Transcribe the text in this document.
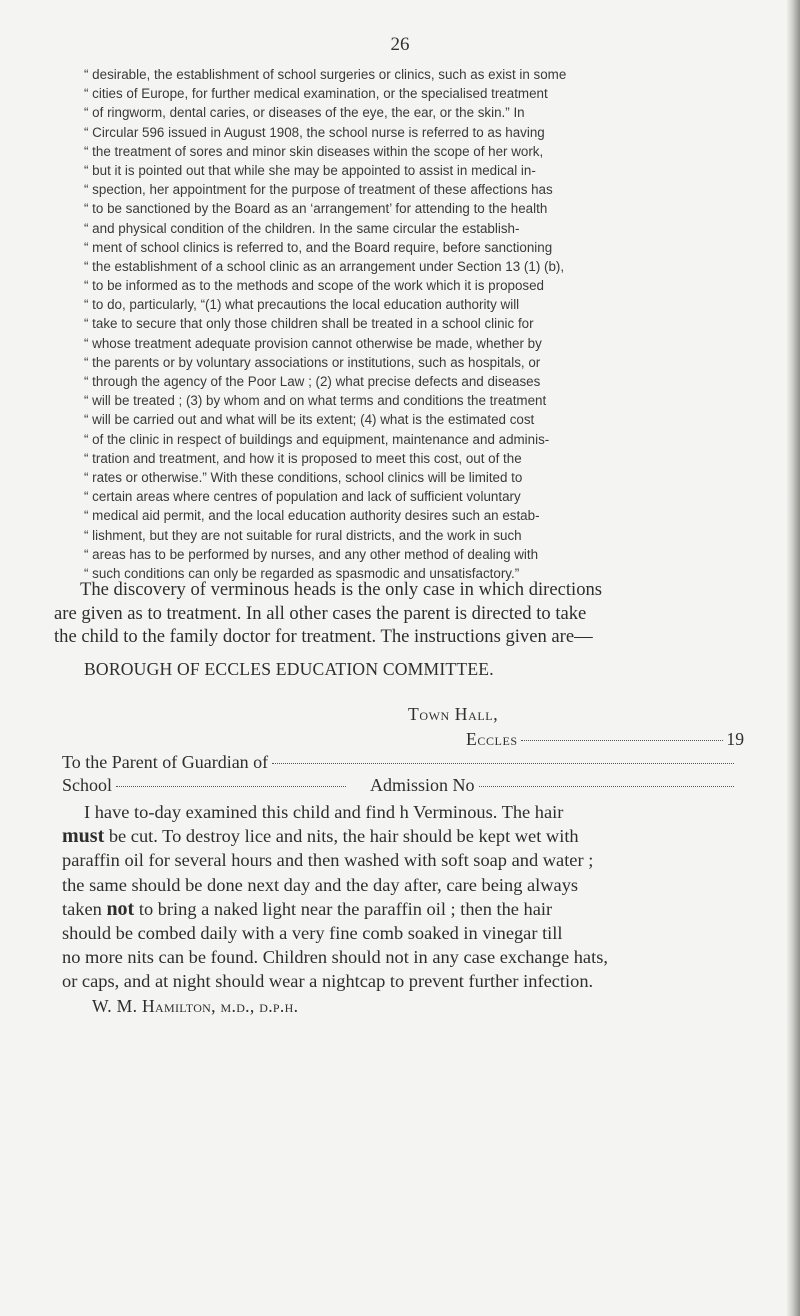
26
“ desirable, the establishment of school surgeries or clinics, such as exist in some
“ cities of Europe, for further medical examination, or the specialised treatment
“ of ringworm, dental caries, or diseases of the eye, the ear, or the skin.” In
“ Circular 596 issued in August 1908, the school nurse is referred to as having
“ the treatment of sores and minor skin diseases within the scope of her work,
“ but it is pointed out that while she may be appointed to assist in medical in-
“ spection, her appointment for the purpose of treatment of these affections has
“ to be sanctioned by the Board as an ‘arrangement’ for attending to the health
“ and physical condition of the children. In the same circular the establish-
“ ment of school clinics is referred to, and the Board require, before sanctioning
“ the establishment of a school clinic as an arrangement under Section 13 (1) (b),
“ to be informed as to the methods and scope of the work which it is proposed
“ to do, particularly, “(1) what precautions the local education authority will
“ take to secure that only those children shall be treated in a school clinic for
“ whose treatment adequate provision cannot otherwise be made, whether by
“ the parents or by voluntary associations or institutions, such as hospitals, or
“ through the agency of the Poor Law ; (2) what precise defects and diseases
“ will be treated ; (3) by whom and on what terms and conditions the treatment
“ will be carried out and what will be its extent; (4) what is the estimated cost
“ of the clinic in respect of buildings and equipment, maintenance and adminis-
“ tration and treatment, and how it is proposed to meet this cost, out of the
“ rates or otherwise.” With these conditions, school clinics will be limited to
“ certain areas where centres of population and lack of sufficient voluntary
“ medical aid permit, and the local education authority desires such an estab-
“ lishment, but they are not suitable for rural districts, and the work in such
“ areas has to be performed by nurses, and any other method of dealing with
“ such conditions can only be regarded as spasmodic and unsatisfactory.”
The discovery of verminous heads is the only case in which directions
are given as to treatment. In all other cases the parent is directed to take
the child to the family doctor for treatment. The instructions given are—
BOROUGH OF ECCLES EDUCATION COMMITTEE.
Town Hall,
Eccles	19
To the Parent of Guardian of
School	Admission No
I have to-day examined this child and find h Verminous. The hair
must be cut. To destroy lice and nits, the hair should be kept wet with
paraffin oil for several hours and then washed with soft soap and water ;
the same should be done next day and the day after, care being always
taken not to bring a naked light near the paraffin oil ; then the hair
should be combed daily with a very fine comb soaked in vinegar till
no more nits can be found. Children should not in any case exchange hats,
or caps, and at night should wear a nightcap to prevent further infection.
W. M. Hamilton, m.d., d.p.h.
